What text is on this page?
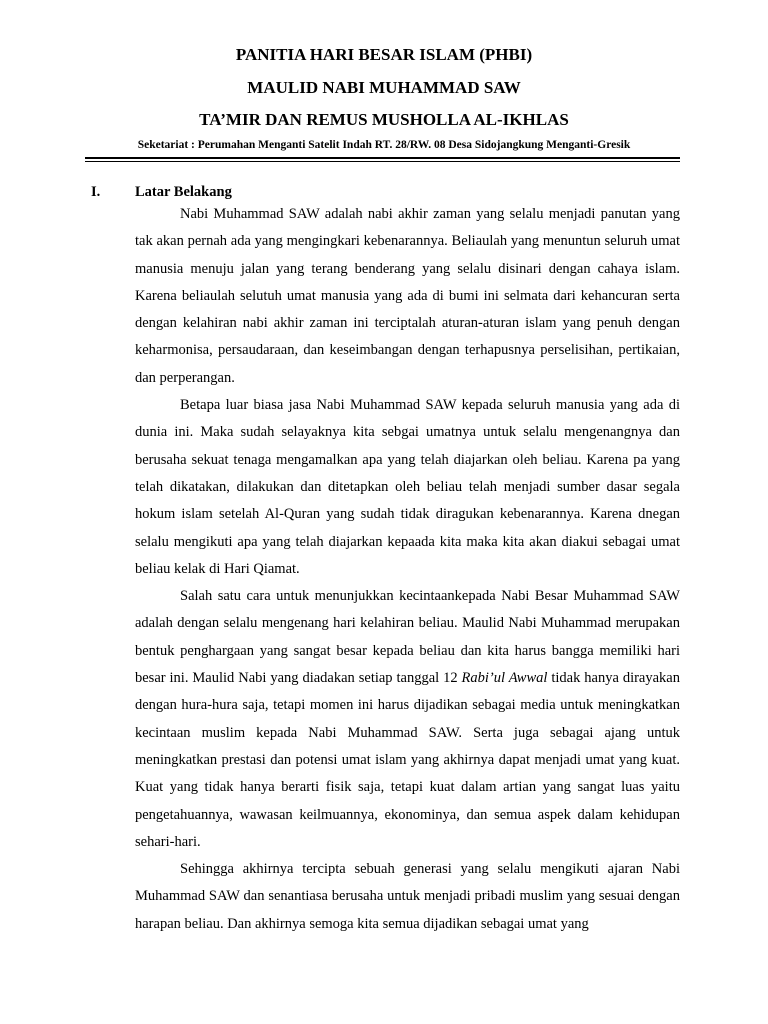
PANITIA HARI BESAR ISLAM (PHBI)
MAULID NABI MUHAMMAD SAW
TA’MIR DAN REMUS MUSHOLLA AL-IKHLAS
Seketariat : Perumahan Menganti Satelit Indah RT. 28/RW. 08 Desa Sidojangkung Menganti-Gresik
I. Latar Belakang

Nabi Muhammad SAW adalah nabi akhir zaman yang selalu menjadi panutan yang tak akan pernah ada yang mengingkari kebenarannya. Beliaulah yang menuntun seluruh umat manusia menuju jalan yang terang benderang yang selalu disinari dengan cahaya islam. Karena beliaulah selutuh umat manusia yang ada di bumi ini selmata dari kehancuran serta dengan kelahiran nabi akhir zaman ini terciptalah aturan-aturan islam yang penuh dengan keharmonisa, persaudaraan, dan keseimbangan dengan terhapusnya perselisihan, pertikaian, dan perperangan.

Betapa luar biasa jasa Nabi Muhammad SAW kepada seluruh manusia yang ada di dunia ini. Maka sudah selayaknya kita sebgai umatnya untuk selalu mengenangnya dan berusaha sekuat tenaga mengamalkan apa yang telah diajarkan oleh beliau. Karena pa yang telah dikatakan, dilakukan dan ditetapkan oleh beliau telah menjadi sumber dasar segala hokum islam setelah Al-Quran yang sudah tidak diragukan kebenarannya. Karena dnegan selalu mengikuti apa yang telah diajarkan kepaada kita maka kita akan diakui sebagai umat beliau kelak di Hari Qiamat.

Salah satu cara untuk menunjukkan kecintaankepada Nabi Besar Muhammad SAW adalah dengan selalu mengenang hari kelahiran beliau. Maulid Nabi Muhammad merupakan bentuk penghargaan yang sangat besar kepada beliau dan kita harus bangga memiliki hari besar ini. Maulid Nabi yang diadakan setiap tanggal 12 Rabi’ul Awwal tidak hanya dirayakan dengan hura-hura saja, tetapi momen ini harus dijadikan sebagai media untuk meningkatkan kecintaan muslim kepada Nabi Muhammad SAW. Serta juga sebagai ajang untuk meningkatkan prestasi dan potensi umat islam yang akhirnya dapat menjadi umat yang kuat. Kuat yang tidak hanya berarti fisik saja, tetapi kuat dalam artian yang sangat luas yaitu pengetahuannya, wawasan keilmuannya, ekonominya, dan semua aspek dalam kehidupan sehari-hari.

Sehingga akhirnya tercipta sebuah generasi yang selalu mengikuti ajaran Nabi Muhammad SAW dan senantiasa berusaha untuk menjadi pribadi muslim yang sesuai dengan harapan beliau. Dan akhirnya semoga kita semua dijadikan sebagai umat yang
